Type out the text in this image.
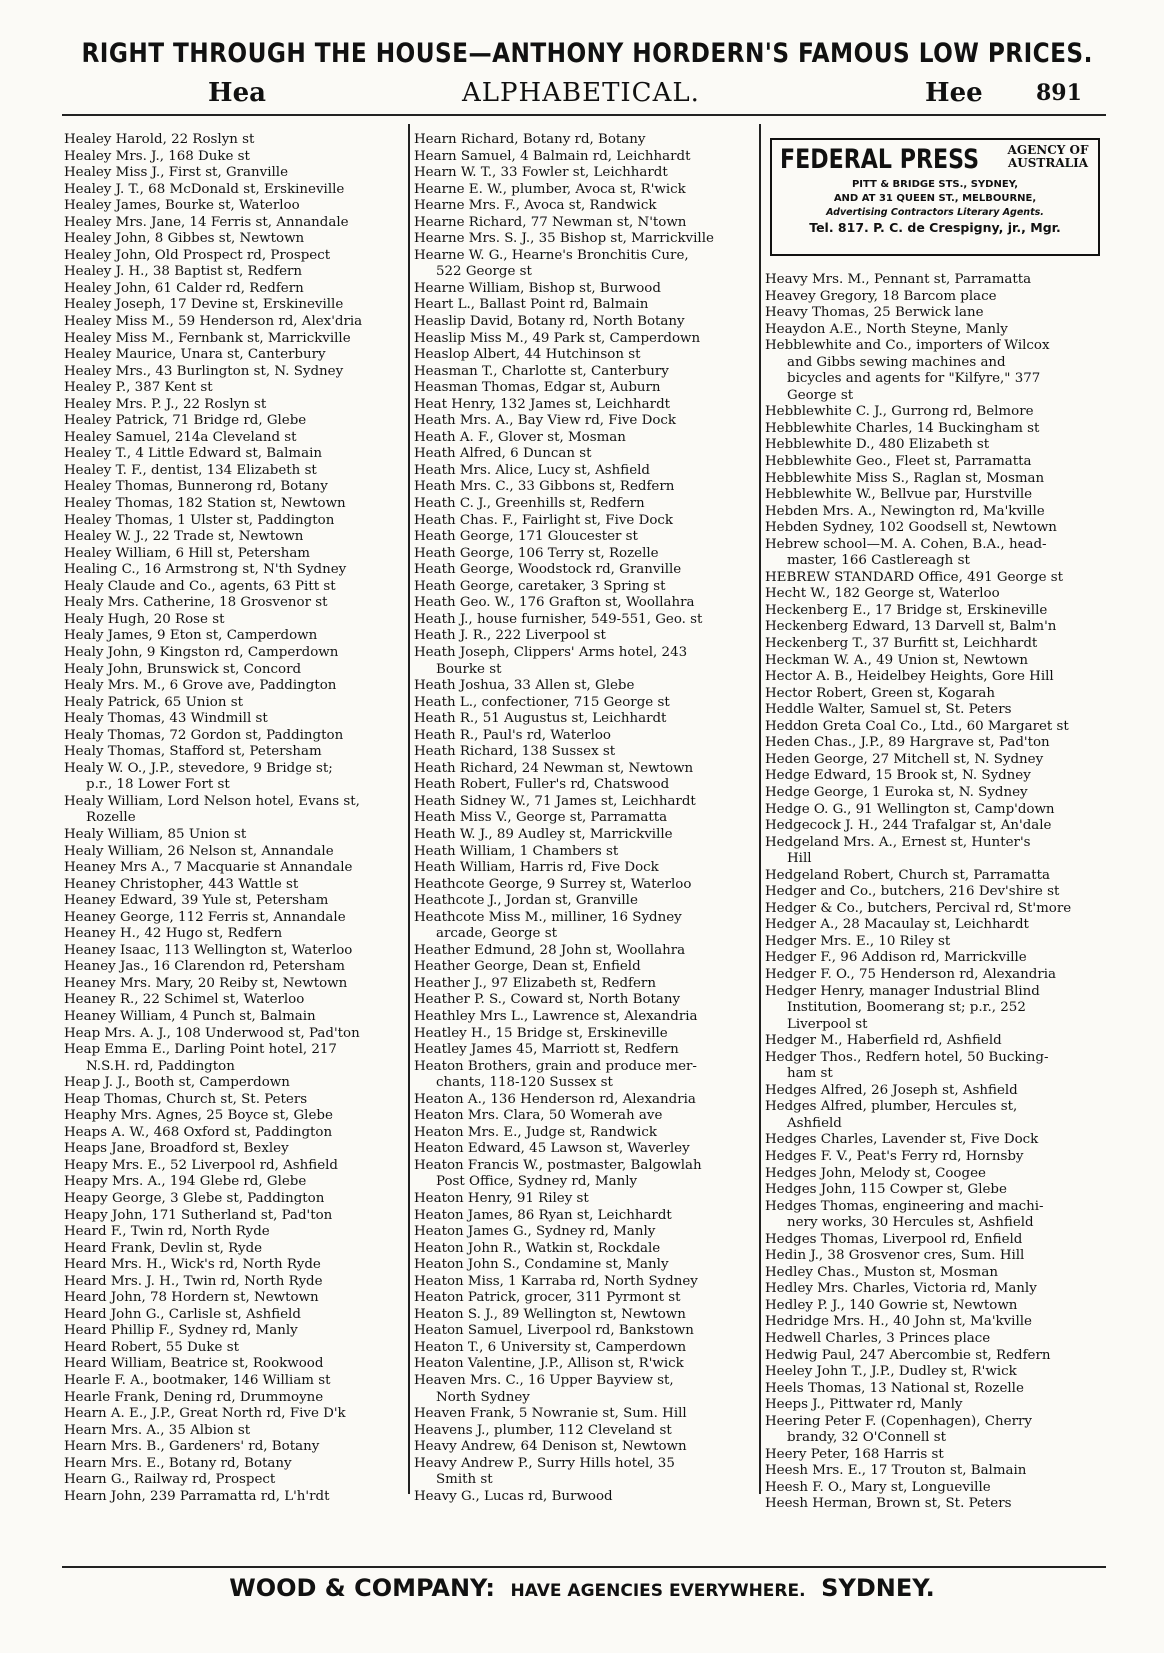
RIGHT THROUGH THE HOUSE—ANTHONY HORDERN'S FAMOUS LOW PRICES.
Hea	ALPHABETICAL.	Hee 891
FEDERAL PRESS	AGENCY OF AUSTRALIA
PITT & BRIDGE STS., SYDNEY,
AND AT 31 QUEEN ST., MELBOURNE,
Advertising Contractors Literary Agents.
Tel. 817. P. C. de Crespigny, jr., Mgr.
Healey Harold, 22 Roslyn st
Healey Mrs. J., 168 Duke st
Healey Miss J., First st, Granville
Healey J. T., 68 McDonald st, Erskineville
Healey James, Bourke st, Waterloo
Healey Mrs. Jane, 14 Ferris st, Annandale
Healey John, 8 Gibbes st, Newtown
Healey John, Old Prospect rd, Prospect
Healey J. H., 38 Baptist st, Redfern
Healey John, 61 Calder rd, Redfern
Healey Joseph, 17 Devine st, Erskineville
Healey Miss M., 59 Henderson rd, Alex'dria
Healey Miss M., Fernbank st, Marrickville
Healey Maurice, Unara st, Canterbury
Healey Mrs., 43 Burlington st, N. Sydney
Healey P., 387 Kent st
Healey Mrs. P. J., 22 Roslyn st
Healey Patrick, 71 Bridge rd, Glebe
Healey Samuel, 214a Cleveland st
Healey T., 4 Little Edward st, Balmain
Healey T. F., dentist, 134 Elizabeth st
Healey Thomas, Bunnerong rd, Botany
Healey Thomas, 182 Station st, Newtown
Healey Thomas, 1 Ulster st, Paddington
Healey W. J., 22 Trade st, Newtown
Healey William, 6 Hill st, Petersham
Healing C., 16 Armstrong st, N'th Sydney
Healy Claude and Co., agents, 63 Pitt st
Healy Mrs. Catherine, 18 Grosvenor st
Healy Hugh, 20 Rose st
Healy James, 9 Eton st, Camperdown
Healy John, 9 Kingston rd, Camperdown
Healy John, Brunswick st, Concord
Healy Mrs. M., 6 Grove ave, Paddington
Healy Patrick, 65 Union st
Healy Thomas, 43 Windmill st
Healy Thomas, 72 Gordon st, Paddington
Healy Thomas, Stafford st, Petersham
Healy W. O., J.P., stevedore, 9 Bridge st;
p.r., 18 Lower Fort st
Healy William, Lord Nelson hotel, Evans st,
Rozelle
Healy William, 85 Union st
Healy William, 26 Nelson st, Annandale
Heaney Mrs A., 7 Macquarie st Annandale
Heaney Christopher, 443 Wattle st
Heaney Edward, 39 Yule st, Petersham
Heaney George, 112 Ferris st, Annandale
Heaney H., 42 Hugo st, Redfern
Heaney Isaac, 113 Wellington st, Waterloo
Heaney Jas., 16 Clarendon rd, Petersham
Heaney Mrs. Mary, 20 Reiby st, Newtown
Heaney R., 22 Schimel st, Waterloo
Heaney William, 4 Punch st, Balmain
Heap Mrs. A. J., 108 Underwood st, Pad'ton
Heap Emma E., Darling Point hotel, 217
N.S.H. rd, Paddington
Heap J. J., Booth st, Camperdown
Heap Thomas, Church st, St. Peters
Heaphy Mrs. Agnes, 25 Boyce st, Glebe
Heaps A. W., 468 Oxford st, Paddington
Heaps Jane, Broadford st, Bexley
Heapy Mrs. E., 52 Liverpool rd, Ashfield
Heapy Mrs. A., 194 Glebe rd, Glebe
Heapy George, 3 Glebe st, Paddington
Heapy John, 171 Sutherland st, Pad'ton
Heard F., Twin rd, North Ryde
Heard Frank, Devlin st, Ryde
Heard Mrs. H., Wick's rd, North Ryde
Heard Mrs. J. H., Twin rd, North Ryde
Heard John, 78 Hordern st, Newtown
Heard John G., Carlisle st, Ashfield
Heard Phillip F., Sydney rd, Manly
Heard Robert, 55 Duke st
Heard William, Beatrice st, Rookwood
Hearle F. A., bootmaker, 146 William st
Hearle Frank, Dening rd, Drummoyne
Hearn A. E., J.P., Great North rd, Five D'k
Hearn Mrs. A., 35 Albion st
Hearn Mrs. B., Gardeners' rd, Botany
Hearn Mrs. E., Botany rd, Botany
Hearn G., Railway rd, Prospect
Hearn John, 239 Parramatta rd, L'h'rdt
Hearn Richard, Botany rd, Botany
Hearn Samuel, 4 Balmain rd, Leichhardt
Hearn W. T., 33 Fowler st, Leichhardt
Hearne E. W., plumber, Avoca st, R'wick
Hearne Mrs. F., Avoca st, Randwick
Hearne Richard, 77 Newman st, N'town
Hearne Mrs. S. J., 35 Bishop st, Marrickville
Hearne W. G., Hearne's Bronchitis Cure,
522 George st
Hearne William, Bishop st, Burwood
Heart L., Ballast Point rd, Balmain
Heaslip David, Botany rd, North Botany
Heaslip Miss M., 49 Park st, Camperdown
Heaslop Albert, 44 Hutchinson st
Heasman T., Charlotte st, Canterbury
Heasman Thomas, Edgar st, Auburn
Heat Henry, 132 James st, Leichhardt
Heath Mrs. A., Bay View rd, Five Dock
Heath A. F., Glover st, Mosman
Heath Alfred, 6 Duncan st
Heath Mrs. Alice, Lucy st, Ashfield
Heath Mrs. C., 33 Gibbons st, Redfern
Heath C. J., Greenhills st, Redfern
Heath Chas. F., Fairlight st, Five Dock
Heath George, 171 Gloucester st
Heath George, 106 Terry st, Rozelle
Heath George, Woodstock rd, Granville
Heath George, caretaker, 3 Spring st
Heath Geo. W., 176 Grafton st, Woollahra
Heath J., house furnisher, 549-551, Geo. st
Heath J. R., 222 Liverpool st
Heath Joseph, Clippers' Arms hotel, 243
Bourke st
Heath Joshua, 33 Allen st, Glebe
Heath L., confectioner, 715 George st
Heath R., 51 Augustus st, Leichhardt
Heath R., Paul's rd, Waterloo
Heath Richard, 138 Sussex st
Heath Richard, 24 Newman st, Newtown
Heath Robert, Fuller's rd, Chatswood
Heath Sidney W., 71 James st, Leichhardt
Heath Miss V., George st, Parramatta
Heath W. J., 89 Audley st, Marrickville
Heath William, 1 Chambers st
Heath William, Harris rd, Five Dock
Heathcote George, 9 Surrey st, Waterloo
Heathcote J., Jordan st, Granville
Heathcote Miss M., milliner, 16 Sydney
arcade, George st
Heather Edmund, 28 John st, Woollahra
Heather George, Dean st, Enfield
Heather J., 97 Elizabeth st, Redfern
Heather P. S., Coward st, North Botany
Heathley Mrs L., Lawrence st, Alexandria
Heatley H., 15 Bridge st, Erskineville
Heatley James 45, Marriott st, Redfern
Heaton Brothers, grain and produce mer-
chants, 118-120 Sussex st
Heaton A., 136 Henderson rd, Alexandria
Heaton Mrs. Clara, 50 Womerah ave
Heaton Mrs. E., Judge st, Randwick
Heaton Edward, 45 Lawson st, Waverley
Heaton Francis W., postmaster, Balgowlah
Post Office, Sydney rd, Manly
Heaton Henry, 91 Riley st
Heaton James, 86 Ryan st, Leichhardt
Heaton James G., Sydney rd, Manly
Heaton John R., Watkin st, Rockdale
Heaton John S., Condamine st, Manly
Heaton Miss, 1 Karraba rd, North Sydney
Heaton Patrick, grocer, 311 Pyrmont st
Heaton S. J., 89 Wellington st, Newtown
Heaton Samuel, Liverpool rd, Bankstown
Heaton T., 6 University st, Camperdown
Heaton Valentine, J.P., Allison st, R'wick
Heaven Mrs. C., 16 Upper Bayview st,
North Sydney
Heaven Frank, 5 Nowranie st, Sum. Hill
Heavens J., plumber, 112 Cleveland st
Heavy Andrew, 64 Denison st, Newtown
Heavy Andrew P., Surry Hills hotel, 35
Smith st
Heavy G., Lucas rd, Burwood
Heavy Mrs. M., Pennant st, Parramatta
Heavey Gregory, 18 Barcom place
Heavy Thomas, 25 Berwick lane
Heaydon A.E., North Steyne, Manly
Hebblewhite and Co., importers of Wilcox
and Gibbs sewing machines and
bicycles and agents for "Kilfyre," 377
George st
Hebblewhite C. J., Gurrong rd, Belmore
Hebblewhite Charles, 14 Buckingham st
Hebblewhite D., 480 Elizabeth st
Hebblewhite Geo., Fleet st, Parramatta
Hebblewhite Miss S., Raglan st, Mosman
Hebblewhite W., Bellvue par, Hurstville
Hebden Mrs. A., Newington rd, Ma'kville
Hebden Sydney, 102 Goodsell st, Newtown
Hebrew school—M. A. Cohen, B.A., head-
master, 166 Castlereagh st
HEBREW STANDARD Office, 491 George st
Hecht W., 182 George st, Waterloo
Heckenberg E., 17 Bridge st, Erskineville
Heckenberg Edward, 13 Darvell st, Balm'n
Heckenberg T., 37 Burfitt st, Leichhardt
Heckman W. A., 49 Union st, Newtown
Hector A. B., Heidelbey Heights, Gore Hill
Hector Robert, Green st, Kogarah
Heddle Walter, Samuel st, St. Peters
Heddon Greta Coal Co., Ltd., 60 Margaret st
Heden Chas., J.P., 89 Hargrave st, Pad'ton
Heden George, 27 Mitchell st, N. Sydney
Hedge Edward, 15 Brook st, N. Sydney
Hedge George, 1 Euroka st, N. Sydney
Hedge O. G., 91 Wellington st, Camp'down
Hedgecock J. H., 244 Trafalgar st, An'dale
Hedgeland Mrs. A., Ernest st, Hunter's
Hill
Hedgeland Robert, Church st, Parramatta
Hedger and Co., butchers, 216 Dev'shire st
Hedger & Co., butchers, Percival rd, St'more
Hedger A., 28 Macaulay st, Leichhardt
Hedger Mrs. E., 10 Riley st
Hedger F., 96 Addison rd, Marrickville
Hedger F. O., 75 Henderson rd, Alexandria
Hedger Henry, manager Industrial Blind
Institution, Boomerang st; p.r., 252
Liverpool st
Hedger M., Haberfield rd, Ashfield
Hedger Thos., Redfern hotel, 50 Bucking-
ham st
Hedges Alfred, 26 Joseph st, Ashfield
Hedges Alfred, plumber, Hercules st,
Ashfield
Hedges Charles, Lavender st, Five Dock
Hedges F. V., Peat's Ferry rd, Hornsby
Hedges John, Melody st, Coogee
Hedges John, 115 Cowper st, Glebe
Hedges Thomas, engineering and machi-
nery works, 30 Hercules st, Ashfield
Hedges Thomas, Liverpool rd, Enfield
Hedin J., 38 Grosvenor cres, Sum. Hill
Hedley Chas., Muston st, Mosman
Hedley Mrs. Charles, Victoria rd, Manly
Hedley P. J., 140 Gowrie st, Newtown
Hedridge Mrs. H., 40 John st, Ma'kville
Hedwell Charles, 3 Princes place
Hedwig Paul, 247 Abercombie st, Redfern
Heeley John T., J.P., Dudley st, R'wick
Heels Thomas, 13 National st, Rozelle
Heeps J., Pittwater rd, Manly
Heering Peter F. (Copenhagen), Cherry
brandy, 32 O'Connell st
Heery Peter, 168 Harris st
Heesh Mrs. E., 17 Trouton st, Balmain
Heesh F. O., Mary st, Longueville
Heesh Herman, Brown st, St. Peters
WOOD & COMPANY: HAVE AGENCIES EVERYWHERE. SYDNEY.
